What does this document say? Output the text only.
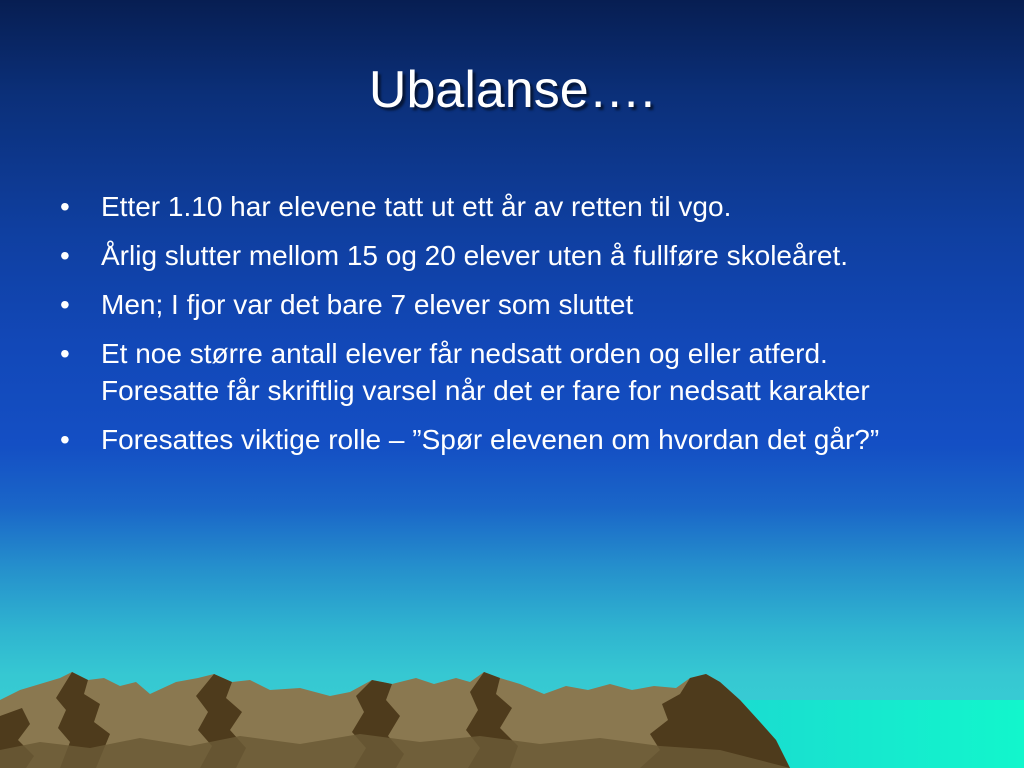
Ubalanse….
• Etter 1.10 har elevene tatt ut ett år av retten til vgo.
• Årlig slutter mellom 15 og 20 elever uten å fullføre skoleåret.
• Men; I fjor var det bare 7 elever som sluttet
• Et noe større antall elever får nedsatt orden og eller atferd. Foresatte får skriftlig varsel når det er fare for nedsatt karakter
• Foresattes viktige rolle – ”Spør elevenen om hvordan det går?”
